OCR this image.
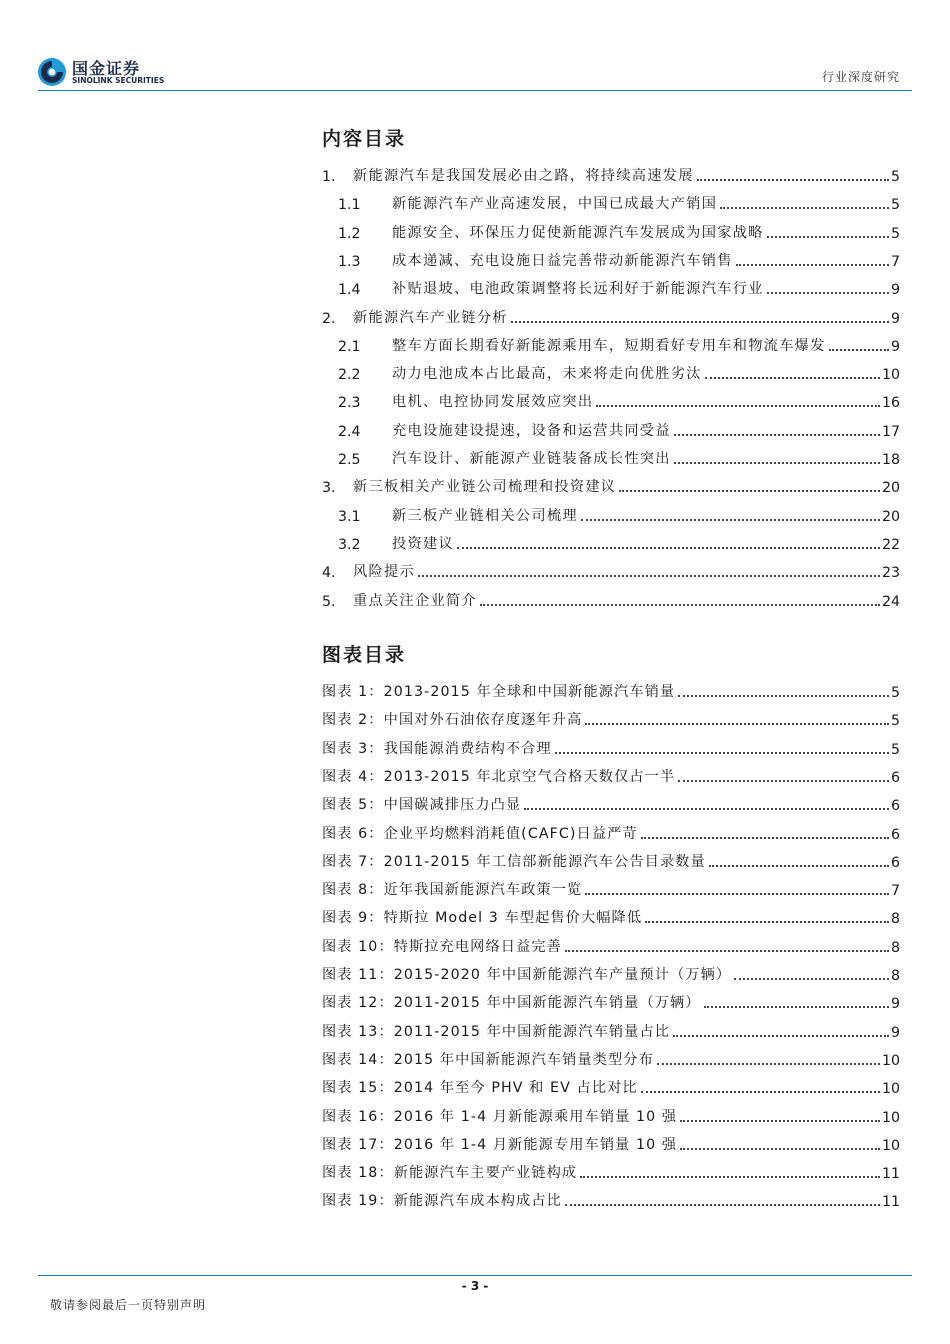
国金证券
SINOLINK SECURITIES	行业深度研究
内容目录
1.	新能源汽车是我国发展必由之路，将持续高速发展	5
1.1	新能源汽车产业高速发展，中国已成最大产销国	5
1.2	能源安全、环保压力促使新能源汽车发展成为国家战略	5
1.3	成本递减、充电设施日益完善带动新能源汽车销售	7
1.4	补贴退坡、电池政策调整将长远利好于新能源汽车行业	9
2.	新能源汽车产业链分析	9
2.1	整车方面长期看好新能源乘用车，短期看好专用车和物流车爆发	9
2.2	动力电池成本占比最高，未来将走向优胜劣汰	10
2.3	电机、电控协同发展效应突出	16
2.4	充电设施建设提速，设备和运营共同受益	17
2.5	汽车设计、新能源产业链装备成长性突出	18
3.	新三板相关产业链公司梳理和投资建议	20
3.1	新三板产业链相关公司梳理	20
3.2	投资建议	22
4.	风险提示	23
5.	重点关注企业简介	24
图表目录
图表 1：2013-2015 年全球和中国新能源汽车销量	5
图表 2：中国对外石油依存度逐年升高	5
图表 3：我国能源消费结构不合理	5
图表 4：2013-2015 年北京空气合格天数仅占一半	6
图表 5：中国碳减排压力凸显	6
图表 6：企业平均燃料消耗值(CAFC)日益严苛	6
图表 7：2011-2015 年工信部新能源汽车公告目录数量	6
图表 8：近年我国新能源汽车政策一览	7
图表 9：特斯拉 Model 3 车型起售价大幅降低	8
图表 10：特斯拉充电网络日益完善	8
图表 11：2015-2020 年中国新能源汽车产量预计（万辆）	8
图表 12：2011-2015 年中国新能源汽车销量（万辆）	9
图表 13：2011-2015 年中国新能源汽车销量占比	9
图表 14：2015 年中国新能源汽车销量类型分布	10
图表 15：2014 年至今 PHV 和 EV 占比对比	10
图表 16：2016 年 1-4 月新能源乘用车销量 10 强	10
图表 17：2016 年 1-4 月新能源专用车销量 10 强	10
图表 18：新能源汽车主要产业链构成	11
图表 19：新能源汽车成本构成占比	11
- 3 -
敬请参阅最后一页特别声明
